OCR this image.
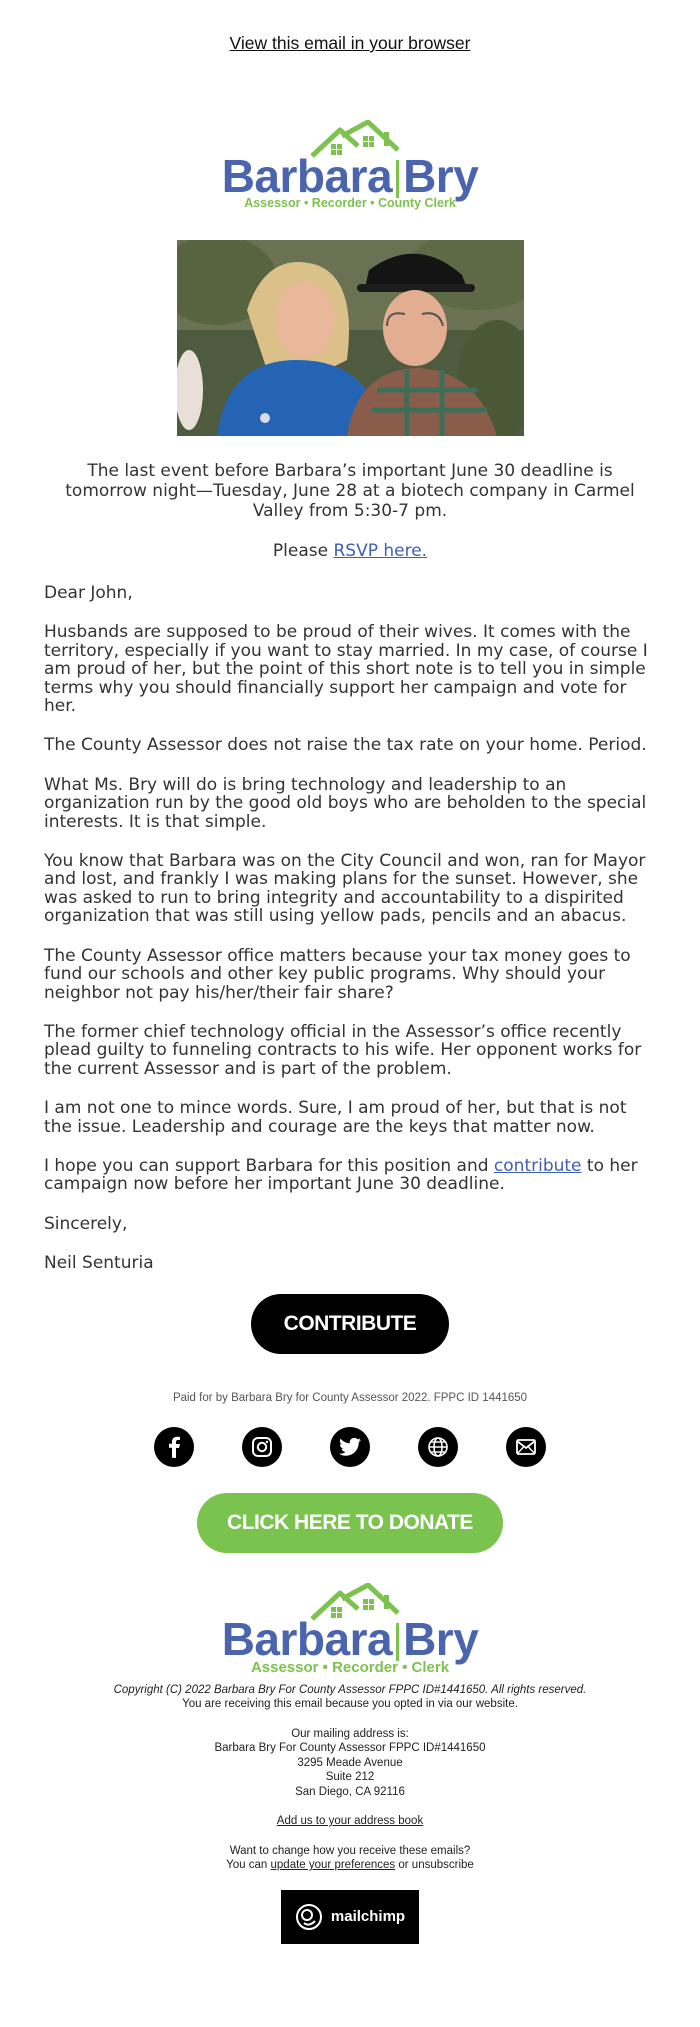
View this email in your browser
Barbara Bry
Assessor • Recorder • County Clerk
The last event before Barbara’s important June 30 deadline is tomorrow night—Tuesday, June 28 at a biotech company in Carmel Valley from 5:30-7 pm.
Please RSVP here.

Dear John,

Husbands are supposed to be proud of their wives. It comes with the territory, especially if you want to stay married. In my case, of course I am proud of her, but the point of this short note is to tell you in simple terms why you should financially support her campaign and vote for her.

The County Assessor does not raise the tax rate on your home. Period.

What Ms. Bry will do is bring technology and leadership to an organization run by the good old boys who are beholden to the special interests. It is that simple.

You know that Barbara was on the City Council and won, ran for Mayor and lost, and frankly I was making plans for the sunset. However, she was asked to run to bring integrity and accountability to a dispirited organization that was still using yellow pads, pencils and an abacus.

The County Assessor office matters because your tax money goes to fund our schools and other key public programs. Why should your neighbor not pay his/her/their fair share?

The former chief technology official in the Assessor’s office recently plead guilty to funneling contracts to his wife. Her opponent works for the current Assessor and is part of the problem.

I am not one to mince words. Sure, I am proud of her, but that is not the issue. Leadership and courage are the keys that matter now.

I hope you can support Barbara for this position and contribute to her campaign now before her important June 30 deadline.

Sincerely,

Neil Senturia

CONTRIBUTE
Paid for by Barbara Bry for County Assessor 2022. FPPC ID 1441650
CLICK HERE TO DONATE
Barbara Bry
Assessor • Recorder • Clerk
Copyright (C) 2022 Barbara Bry For County Assessor FPPC ID#1441650. All rights reserved.
You are receiving this email because you opted in via our website.
Our mailing address is:
Barbara Bry For County Assessor FPPC ID#1441650
3295 Meade Avenue
Suite 212
San Diego, CA 92116
Add us to your address book
Want to change how you receive these emails?
You can update your preferences or unsubscribe
mailchimp
